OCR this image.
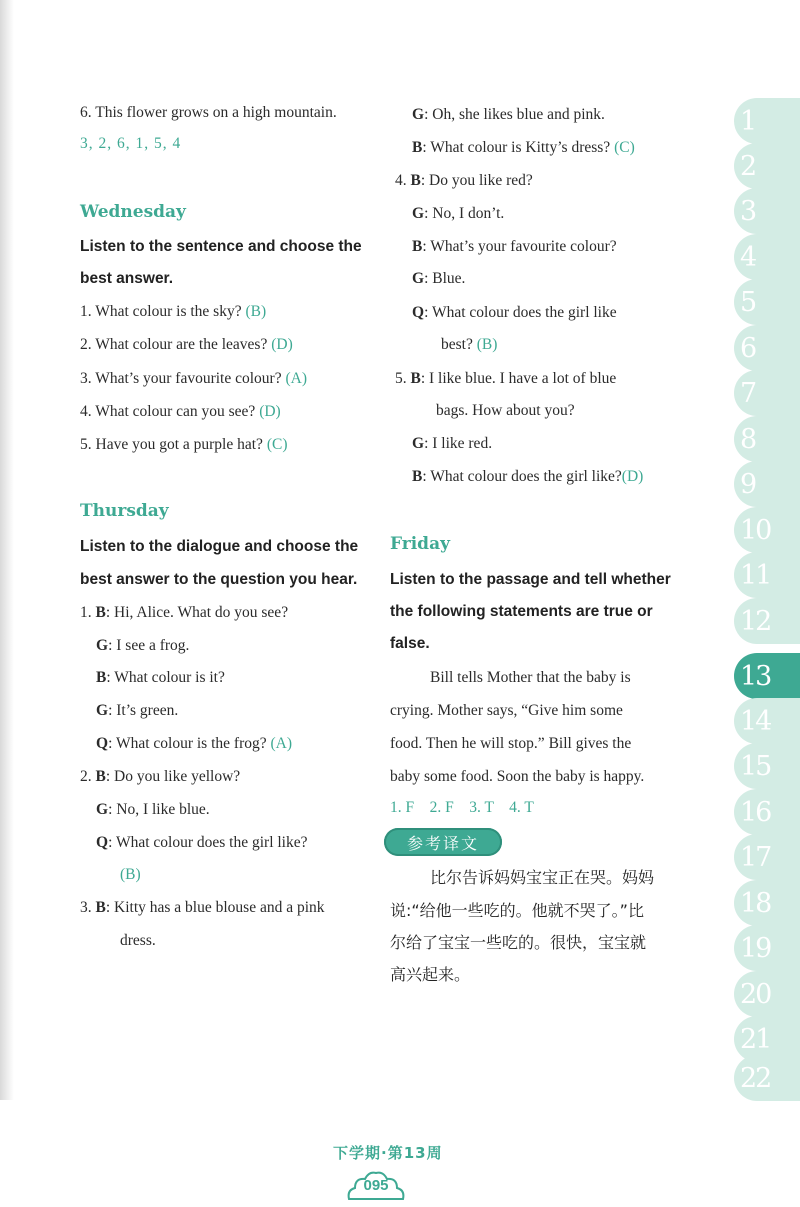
6. This flower grows on a high mountain.
3, 2, 6, 1, 5, 4
Wednesday
Listen to the sentence and choose the
best answer.
1. What colour is the sky? (B)
2. What colour are the leaves? (D)
3. What’s your favourite colour? (A)
4. What colour can you see? (D)
5. Have you got a purple hat? (C)
Thursday
Listen to the dialogue and choose the
best answer to the question you hear.
1. B: Hi, Alice. What do you see?
G: I see a frog.
B: What colour is it?
G: It’s green.
Q: What colour is the frog? (A)
2. B: Do you like yellow?
G: No, I like blue.
Q: What colour does the girl like?
(B)
3. B: Kitty has a blue blouse and a pink
dress.
G: Oh, she likes blue and pink.
B: What colour is Kitty’s dress? (C)
4. B: Do you like red?
G: No, I don’t.
B: What’s your favourite colour?
G: Blue.
Q: What colour does the girl like
best? (B)
5. B: I like blue. I have a lot of blue
bags. How about you?
G: I like red.
B: What colour does the girl like?(D)
Friday
Listen to the passage and tell whether
the following statements are true or
false.
Bill tells Mother that the baby is
crying. Mother says, “Give him some
food. Then he will stop.” Bill gives the
baby some food. Soon the baby is happy.
1. F    2. F    3. T    4. T
参考译文
比尔告诉妈妈宝宝正在哭。妈妈
说:“给他一些吃的。他就不哭了。”比
尔给了宝宝一些吃的。很快，宝宝就
高兴起来。
1
2
3
4
5
6
7
8
9
10
11
12
13
14
15
16
17
18
19
20
21
22
下学期·第13周
095
